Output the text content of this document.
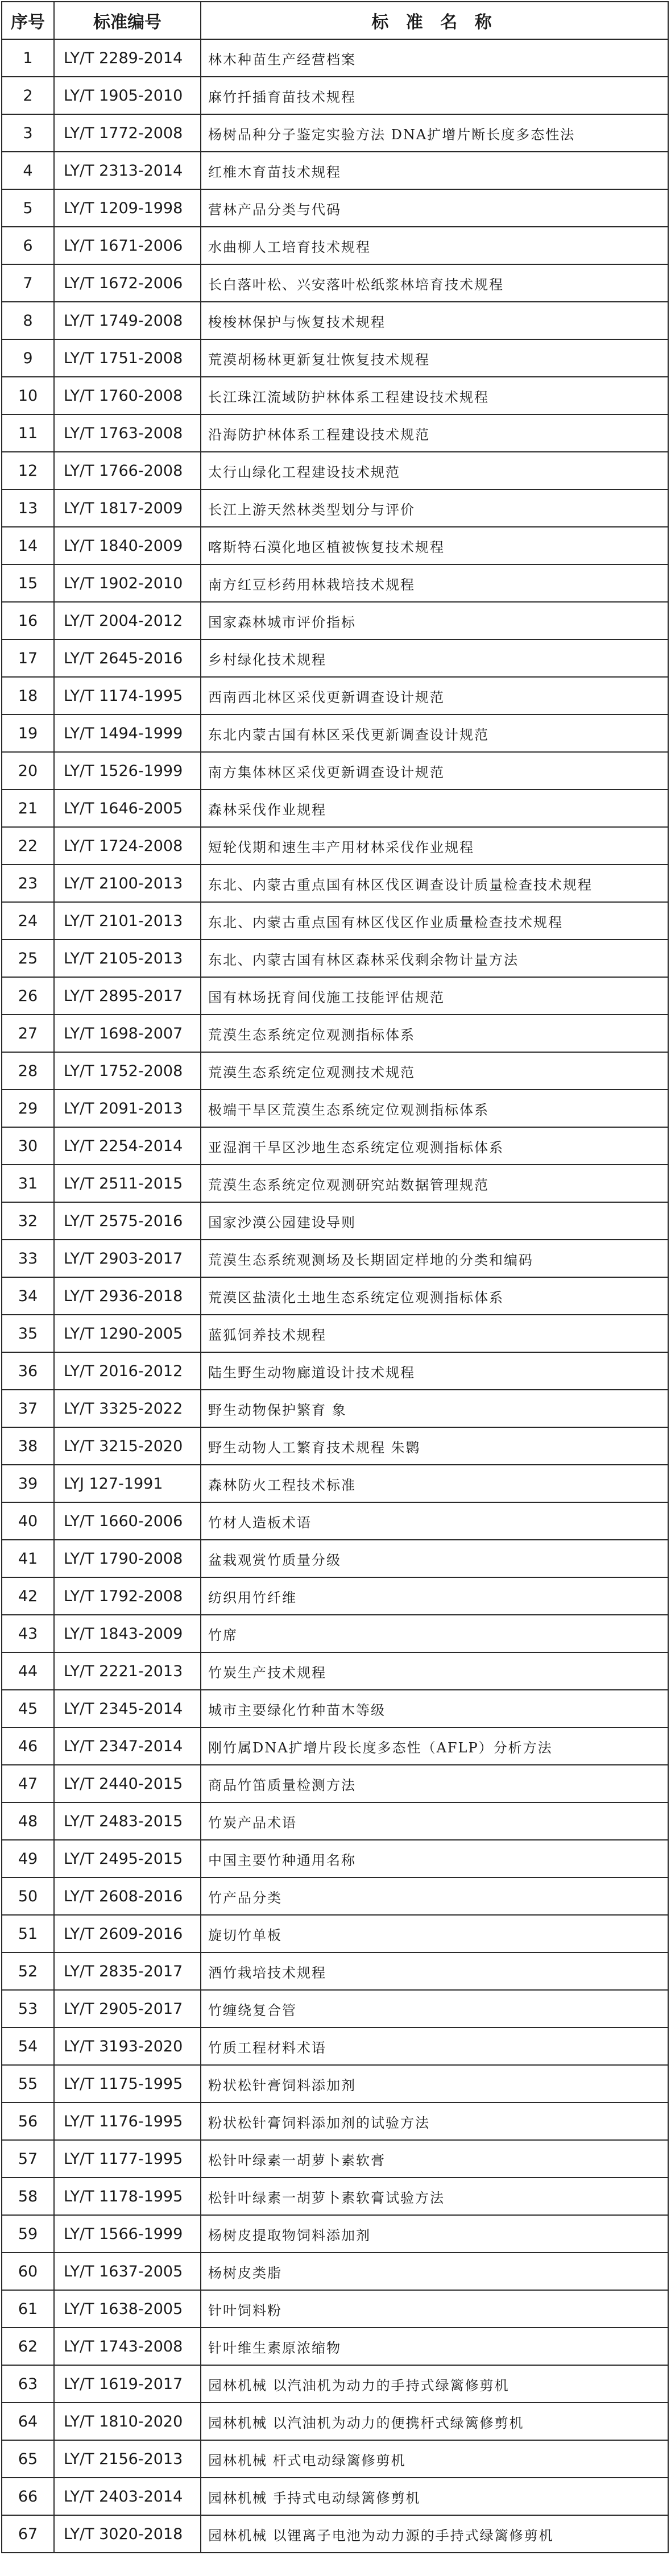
序号	标准编号	标 准 名 称
1	LY/T 2289-2014	林木种苗生产经营档案
2	LY/T 1905-2010	麻竹扦插育苗技术规程
3	LY/T 1772-2008	杨树品种分子鉴定实验方法 DNA扩增片断长度多态性法
4	LY/T 2313-2014	红椎木育苗技术规程
5	LY/T 1209-1998	营林产品分类与代码
6	LY/T 1671-2006	水曲柳人工培育技术规程
7	LY/T 1672-2006	长白落叶松、兴安落叶松纸浆林培育技术规程
8	LY/T 1749-2008	梭梭林保护与恢复技术规程
9	LY/T 1751-2008	荒漠胡杨林更新复壮恢复技术规程
10	LY/T 1760-2008	长江珠江流域防护林体系工程建设技术规程
11	LY/T 1763-2008	沿海防护林体系工程建设技术规范
12	LY/T 1766-2008	太行山绿化工程建设技术规范
13	LY/T 1817-2009	长江上游天然林类型划分与评价
14	LY/T 1840-2009	喀斯特石漠化地区植被恢复技术规程
15	LY/T 1902-2010	南方红豆杉药用林栽培技术规程
16	LY/T 2004-2012	国家森林城市评价指标
17	LY/T 2645-2016	乡村绿化技术规程
18	LY/T 1174-1995	西南西北林区采伐更新调查设计规范
19	LY/T 1494-1999	东北内蒙古国有林区采伐更新调查设计规范
20	LY/T 1526-1999	南方集体林区采伐更新调查设计规范
21	LY/T 1646-2005	森林采伐作业规程
22	LY/T 1724-2008	短轮伐期和速生丰产用材林采伐作业规程
23	LY/T 2100-2013	东北、内蒙古重点国有林区伐区调查设计质量检查技术规程
24	LY/T 2101-2013	东北、内蒙古重点国有林区伐区作业质量检查技术规程
25	LY/T 2105-2013	东北、内蒙古国有林区森林采伐剩余物计量方法
26	LY/T 2895-2017	国有林场抚育间伐施工技能评估规范
27	LY/T 1698-2007	荒漠生态系统定位观测指标体系
28	LY/T 1752-2008	荒漠生态系统定位观测技术规范
29	LY/T 2091-2013	极端干旱区荒漠生态系统定位观测指标体系
30	LY/T 2254-2014	亚湿润干旱区沙地生态系统定位观测指标体系
31	LY/T 2511-2015	荒漠生态系统定位观测研究站数据管理规范
32	LY/T 2575-2016	国家沙漠公园建设导则
33	LY/T 2903-2017	荒漠生态系统观测场及长期固定样地的分类和编码
34	LY/T 2936-2018	荒漠区盐渍化土地生态系统定位观测指标体系
35	LY/T 1290-2005	蓝狐饲养技术规程
36	LY/T 2016-2012	陆生野生动物廊道设计技术规程
37	LY/T 3325-2022	野生动物保护繁育 象
38	LY/T 3215-2020	野生动物人工繁育技术规程 朱鹮
39	LYJ 127-1991	森林防火工程技术标准
40	LY/T 1660-2006	竹材人造板术语
41	LY/T 1790-2008	盆栽观赏竹质量分级
42	LY/T 1792-2008	纺织用竹纤维
43	LY/T 1843-2009	竹席
44	LY/T 2221-2013	竹炭生产技术规程
45	LY/T 2345-2014	城市主要绿化竹种苗木等级
46	LY/T 2347-2014	刚竹属DNA扩增片段长度多态性（AFLP）分析方法
47	LY/T 2440-2015	商品竹笛质量检测方法
48	LY/T 2483-2015	竹炭产品术语
49	LY/T 2495-2015	中国主要竹种通用名称
50	LY/T 2608-2016	竹产品分类
51	LY/T 2609-2016	旋切竹单板
52	LY/T 2835-2017	酒竹栽培技术规程
53	LY/T 2905-2017	竹缠绕复合管
54	LY/T 3193-2020	竹质工程材料术语
55	LY/T 1175-1995	粉状松针膏饲料添加剂
56	LY/T 1176-1995	粉状松针膏饲料添加剂的试验方法
57	LY/T 1177-1995	松针叶绿素一胡萝卜素软膏
58	LY/T 1178-1995	松针叶绿素一胡萝卜素软膏试验方法
59	LY/T 1566-1999	杨树皮提取物饲料添加剂
60	LY/T 1637-2005	杨树皮类脂
61	LY/T 1638-2005	针叶饲料粉
62	LY/T 1743-2008	针叶维生素原浓缩物
63	LY/T 1619-2017	园林机械 以汽油机为动力的手持式绿篱修剪机
64	LY/T 1810-2020	园林机械 以汽油机为动力的便携杆式绿篱修剪机
65	LY/T 2156-2013	园林机械 杆式电动绿篱修剪机
66	LY/T 2403-2014	园林机械 手持式电动绿篱修剪机
67	LY/T 3020-2018	园林机械 以锂离子电池为动力源的手持式绿篱修剪机
